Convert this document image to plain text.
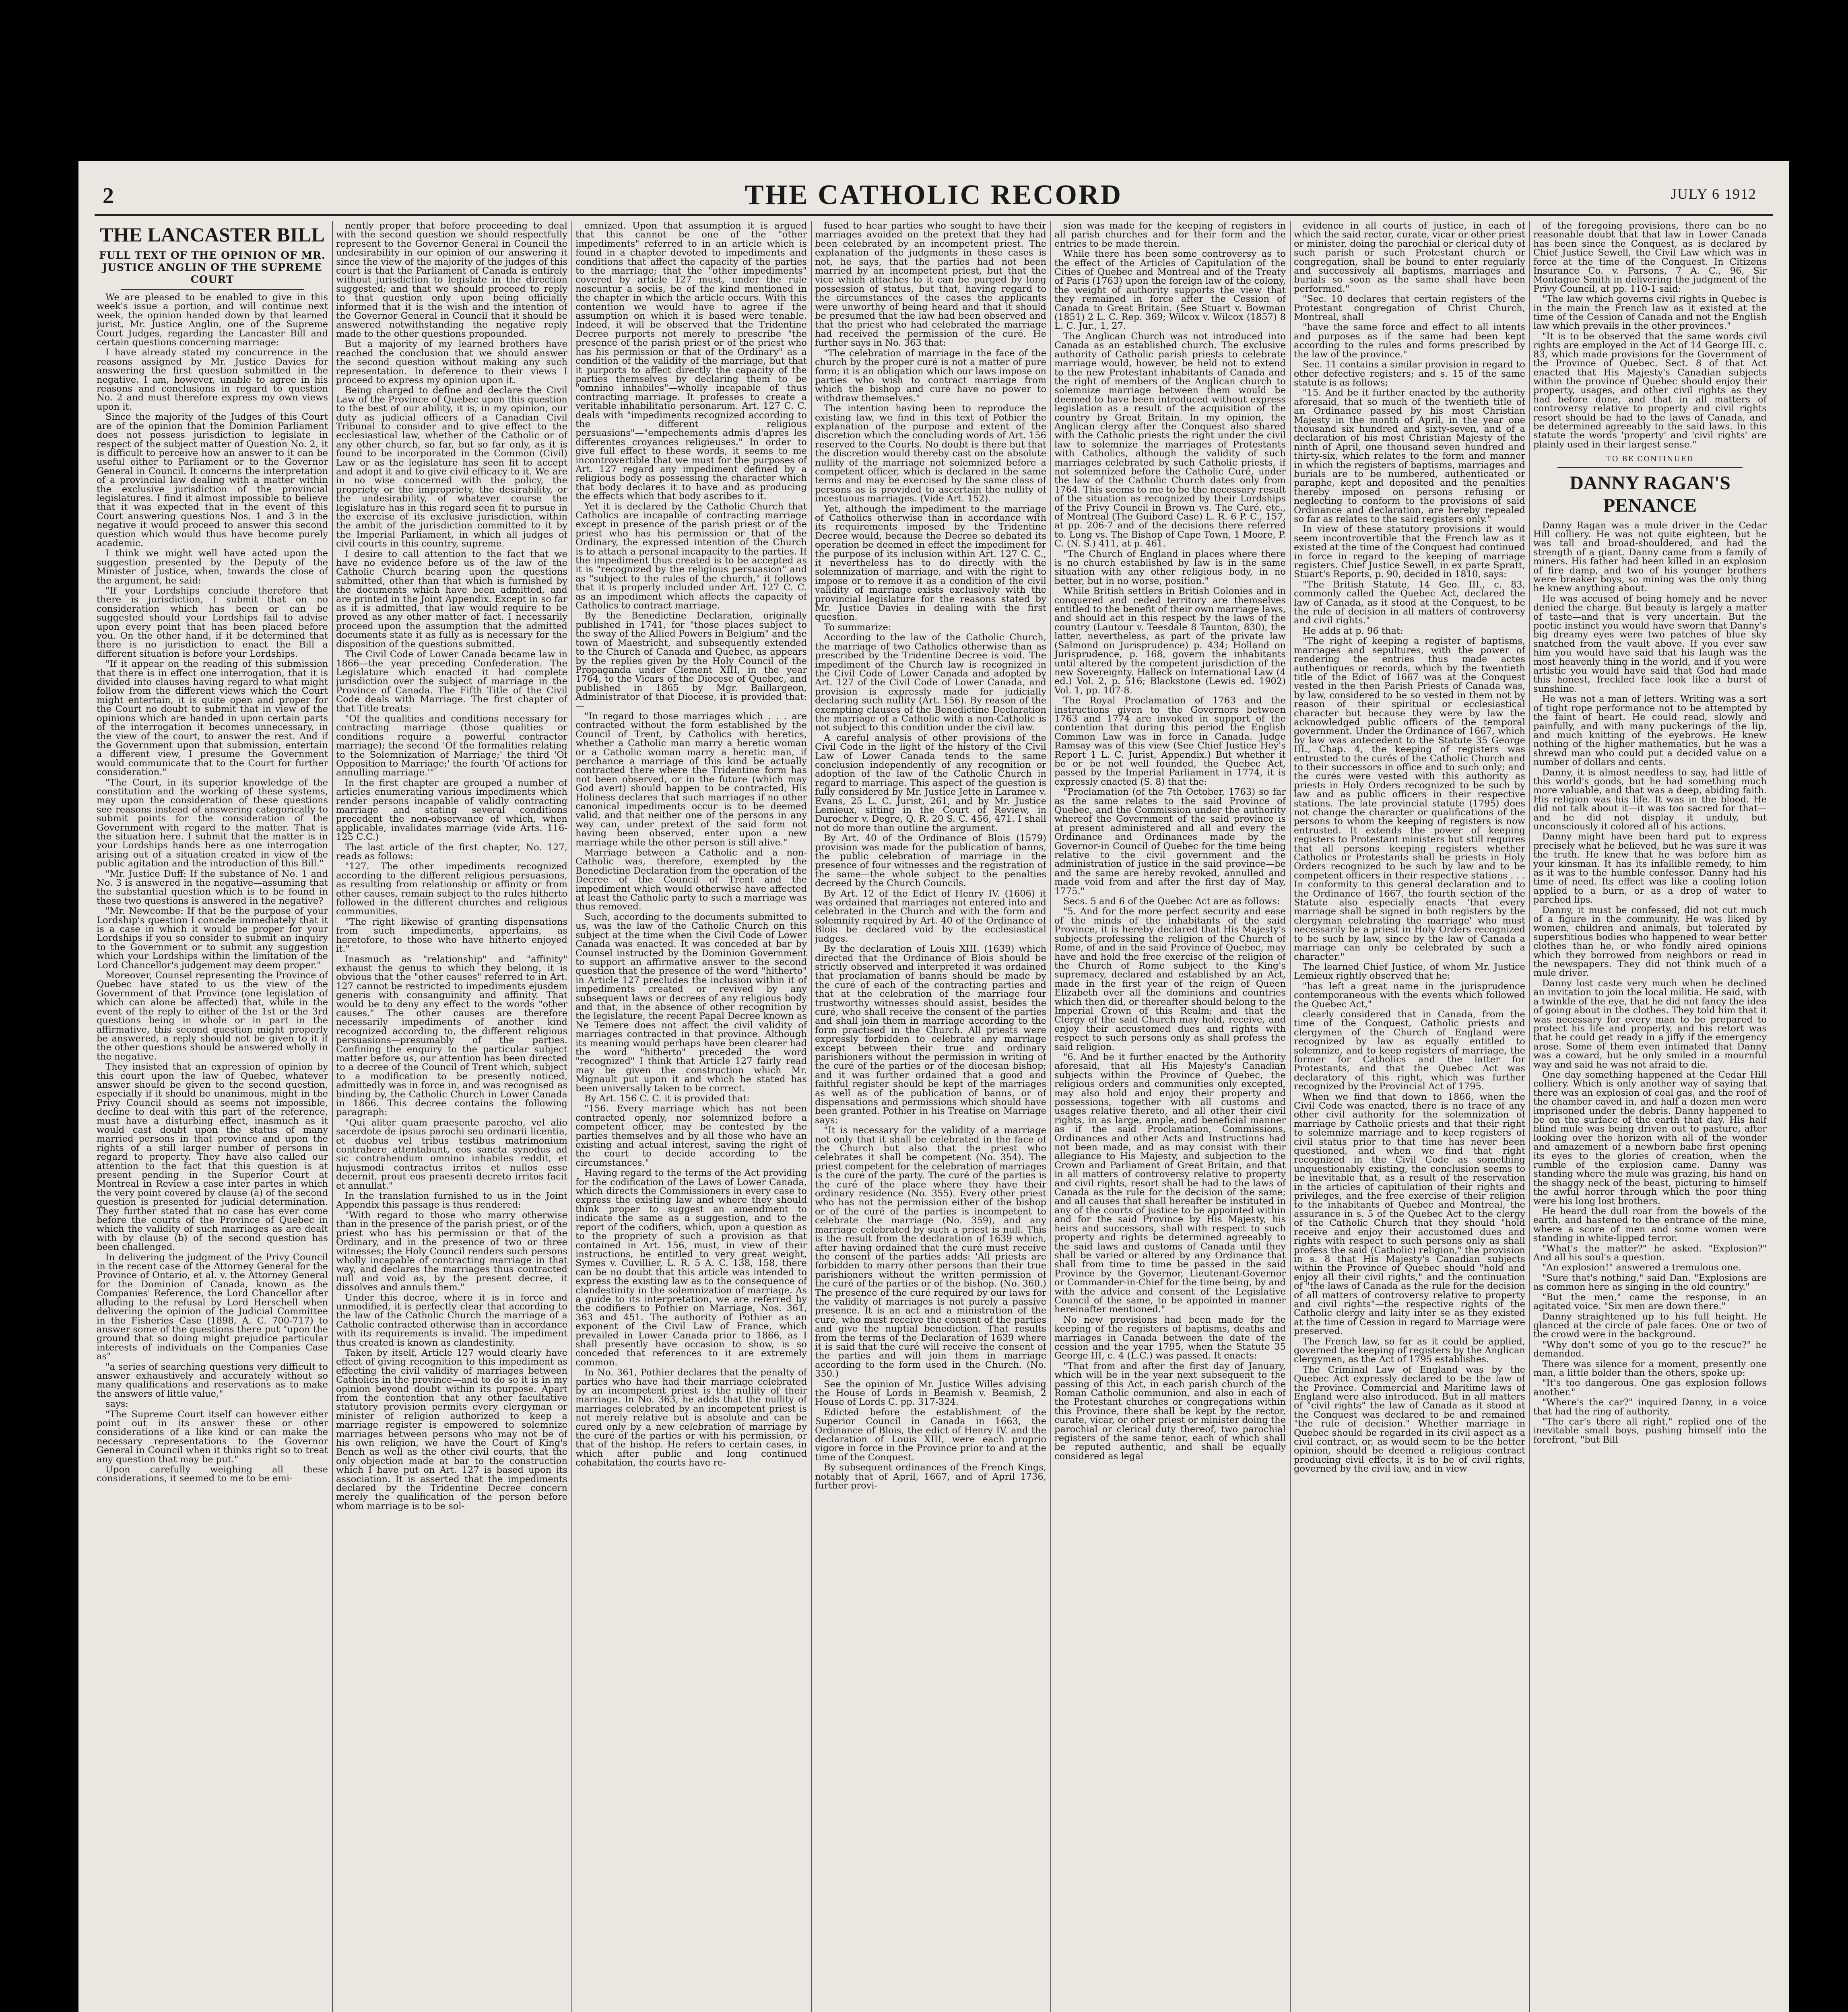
2	THE CATHOLIC RECORD	JULY 6 1912
THE LANCASTER BILL
FULL TEXT OF THE OPINION OF MR. JUSTICE ANGLIN OF THE SUPREME COURT

We are pleased to be enabled to give in this week's issue a portion, and will continue next week, the opinion handed down by that learned jurist, Mr. Justice Anglin, one of the Supreme Court Judges, regarding the Lancaster Bill and certain questions concerning marriage:

I have already stated my concurrence in the reasons assigned by Mr. Justice Davies for answering the first question submitted in the negative. I am, however, unable to agree in his reasons and conclusions in regard to question No. 2 and must therefore express my own views upon it.

Since the majority of the Judges of this Court are of the opinion that the Dominion Parliament does not possess jurisdiction to legislate in respect of the subject matter of Question No. 2, it is difficult to perceive how an answer to it can be useful either to Parliament or to the Governor General in Council. It concerns the interpretation of a provincial law dealing with a matter within the exclusive jurisdiction of the provincial legislatures. I find it almost impossible to believe that it was expected that in the event of this Court answering questions Nos. 1 and 3 in the negative it would proceed to answer this second question which would thus have become purely academic.

I think we might well have acted upon the suggestion presented by the Deputy of the Minister of Justice, when, towards the close of the argument, he said:

"If your Lordships conclude therefore that there is jurisdiction, I submit that on no consideration which has been or can be suggested should your Lordships fail to advise upon every point that has been placed before you. On the other hand, if it be determined that there is no jurisdiction to enact the Bill a different situation is before your Lordships.

"If it appear on the reading of this submission that there is in effect one interrogation, that it is divided into clauses having regard to what might follow from the different views which the Court might entertain, it is quite open and proper for the Court no doubt to submit that in view of the opinions which are handed in upon certain parts of the interrogation it becomes unnecessary, in the view of the court, to answer the rest. And if the Government upon that submission, entertain a different view, I presume the Government would communicate that to the Court for further consideration."

"The Court, in its superior knowledge of the constitution and the working of these systems, may upon the consideration of these questions see reasons instead of answering categorically to submit points for the consideration of the Government with regard to the matter. That is the situation here. I submit that the matter is in your Lordships hands here as one interrogation arising out of a situation created in view of the public agitation and the introduction of this Bill."

"Mr. Justice Duff: If the substance of No. 1 and No. 3 is answered in the negative—assuming that the substantial question which is to be found in these two questions is answered in the negative?

"Mr. Newcombe: If that be the purpose of your Lordship's question I concede immediately that it is a case in which it would be proper for your Lordships if you so consider to submit an inquiry to the Government or to submit any suggestion which your Lordships within the limitation of the Lord Chancellor's judgement may deem proper."

Moreover, Counsel representing the Province of Quebec have stated to us the view of the Government of that Province (one legislation of which can alone be affected) that, while in the event of the reply to either of the 1st or the 3rd questions being in whole or in part in the affirmative, this second question might properly be answered, a reply should not be given to it if the other questions should be answered wholly in the negative.

They insisted that an expression of opinion by this court upon the law of Quebec, whatever answer should be given to the second question, especially if it should be unanimous, might in the Privy Council should as seems not impossible, decline to deal with this part of the reference, must have a disturbing effect, inasmuch as it would cast doubt upon the status of many married persons in that province and upon the rights of a still larger number of persons in regard to property. They have also called our attention to the fact that this question is at present pending in the Superior Court at Montreal in Review a case inter partes in which the very point covered by clause (a) of the second question is presented for judicial determination. They further stated that no case has ever come before the courts of the Province of Quebec in which the validity of such marriages as are dealt with by clause (b) of the second question has been challenged.

In delivering the judgment of the Privy Council in the recent case of the Attorney General for the Province of Ontario, et al. v. the Attorney General for the Dominion of Canada, known as the Companies' Reference, the Lord Chancellor after alluding to the refusal by Lord Herschell when delivering the opinion of the Judicial Committee in the Fisheries Case (1898, A. C. 700-717) to answer some of the questions there put "upon the ground that so doing might prejudice particular interests of individuals on the Companies Case as"

"a series of searching questions very difficult to answer exhaustively and accurately without so many qualifications and reservations as to make the answers of little value,"

says:

"The Supreme Court itself can however either point out in its answer these or other considerations of a like kind or can make the necessary representations to the Governor General in Council when it thinks right so to treat any question that may be put."

Upon carefully weighing all these considerations, it seemed to me to be emi-

nently proper that before proceeding to deal with the second question we should respectfully represent to the Governor General in Council the undesirability in our opinion of our answering it since the view of the majority of the judges of this court is that the Parliament of Canada is entirely without jurisdiction to legislate in the direction suggested; and that we should proceed to reply to that question only upon being officially informed that it is the wish and the intention of the Governor General in Council that it should be answered notwithstanding the negative reply made to the other questions propounded.

But a majority of my learned brothers have reached the conclusion that we should answer the second question without making any such representation. In deference to their views I proceed to express my opinion upon it.

Being charged to define and declare the Civil Law of the Province of Quebec upon this question to the best of our ability, it is, in my opinion, our duty as judicial officers of a Canadian Civil Tribunal to consider and to give effect to the ecclesiastical law, whether of the Catholic or of any other church, so far, but so far only, as it is found to be incorporated in the Common (Civil) Law or as the legislature has seen fit to accept and adopt it and to give civil efficacy to it. We are in no wise concerned with the policy, the propriety or the impropriety, the desirability, or the undesirability, of whatever course the legislature has in this regard seen fit to pursue in the exercise of its exclusive jurisdiction, within the ambit of the jurisdiction committed to it by the Imperial Parliament, in which all judges of civil courts in this country, supreme.

I desire to call attention to the fact that we have no evidence before us of the law of the Catholic Church bearing upon the questions submitted, other than that which is furnished by the documents which have been admitted, and are printed in the Joint Appendix. Except in so far as it is admitted, that law would require to be proved as any other matter of fact. I necessarily proceed upon the assumption that the admitted documents state it as fully as is necessary for the disposition of the questions submitted.

The Civil Code of Lower Canada became law in 1866—the year preceding Confederation. The Legislature which enacted it had complete jurisdiction over the subject of marriage in the Province of Canada. The Fifth Title of the Civil Code deals with Marriage. The first chapter of that Title treats:

"Of the qualities and conditions necessary for contracting marriage (those qualities or conditions require a powerful contractor marriage); the second 'Of the formalities relating to the Solemnization of Marriage;' the third 'Of Opposition to Marriage;' the fourth 'Of actions for annulling marriage.'"

In the first chapter are grouped a number of articles enumerating various impediments which render persons incapable of validly contracting marriage and stating several conditions precedent the non-observance of which, when applicable, invalidates marriage (vide Arts. 116-125 C.C.)

The last article of the first chapter, No. 127, reads as follows:

"127. The other impediments recognized according to the different religious persuasions, as resulting from relationship or affinity or from other causes, remain subject to the rules hitherto followed in the different churches and religious communities.

"The right likewise of granting dispensations from such impediments, appertains, as heretofore, to those who have hitherto enjoyed it."

Inasmuch as "relationship" and "affinity" exhaust the genus to which they belong, it is obvious that the "other causes" referred to in Art. 127 cannot be restricted to impediments ejusdem generis with consanguinity and affinity. That would be to deny any effect to the words "other causes." The other causes are therefore necessarily impediments of another kind recognized according to, the different religious persuasions—presumably of the parties. Confining the enquiry to the particular subject matter before us, our attention has been directed to a decree of the Council of Trent which, subject to a modification to be presently noticed, admittedly was in force in, and was recognised as binding by, the Catholic Church in Lower Canada in 1866. This decree contains the following paragraph:

"Qui aliter quam praesente parocho, vel alio sacerdote de ipsius parochi seu ordinarii licentia, et duobus vel tribus testibus matrimonium contrahere attentabunt, eos sancta synodus ad sic contrahendum omnino inhabiles reddit, et hujusmodi contractus irritos et nullos esse decernit, prout eos praesenti decreto irritos facit et annullat."

In the translation furnished to us in the Joint Appendix this passage is thus rendered:

"With regard to those who marry otherwise than in the presence of the parish priest, or of the priest who has his permission or that of the Ordinary, and in the presence of two or three witnesses; the Holy Council renders such persons wholly incapable of contracting marriage in that way, and declares the marriages thus contracted null and void as, by the present decree, it dissolves and annuls them."

Under this decree, where it is in force and unmodified, it is perfectly clear that according to the law of the Catholic Church the marriage of a Catholic contracted otherwise than in accordance with its requirements is invalid. The impediment thus created is known as clandestinity.

Taken by itself, Article 127 would clearly have effect of giving recognition to this impediment as effecting the civil validity of marriages between Catholics in the province—and to do so it is in my opinion beyond doubt within its purpose. Apart from the contention that any other facultative statutory provision permits every clergyman or minister of religion authorized to keep a marriage register is empowered to solemnize marriages between persons who may not be of his own religion, we have the Court of King's Bench as well as the other civil courts, that the only objection made at bar to the construction which I have put on Art. 127 is based upon its association. It is asserted that the impediments declared by the Tridentine Decree concern merely the qualification of the person before whom marriage is to be sol-

emnized. Upon that assumption it is argued that this cannot be one of the "other impediments" referred to in an article which is found in a chapter devoted to impediments and conditions that affect the capacity of the parties to the marriage; that the "other impediments" covered by article 127 must, under the rule noscuntur a sociis, be of the kind mentioned in the chapter in which the article occurs. With this contention we would have to agree if the assumption on which it is based were tenable. Indeed, it will be observed that the Tridentine Decree purports not merely to prescribe "the presence of the parish priest or of the priest who has his permission or that of the Ordinary" as a condition of the validity of the marriage, but that it purports to affect directly the capacity of the parties themselves by declaring them to be "omnino inhabiles"—wholly incapable of thus contracting marriage. It professes to create a veritable inhabilitatio personarum. Art. 127 C. C. deals with "impediments recognized according to the different religious persuasions"—"empechements admis d'apres les differentes croyances religieuses." In order to give full effect to these words, it seems to me incontrovertible that we must for the purposes of Art. 127 regard any impediment defined by a religious body as possessing the character which that body declares it to have and as producing the effects which that body ascribes to it.

Yet it is declared by the Catholic Church that Catholics are incapable of contracting marriage except in presence of the parish priest or of the priest who has his permission or that of the Ordinary, the expressed intention of the Church is to attach a personal incapacity to the parties. If the impediment thus created is to be accepted as it is "recognized by the religious persuasion" and as "subject to the rules of the church," it follows that it is properly included under Art. 127 C. C. as an impediment which affects the capacity of Catholics to contract marriage.

By the Benedictine Declaration, originally published in 1741, for "those places subject to the sway of the Allied Powers in Belgium" and the town of Maestricht, and subsequently extended to the Church of Canada and Quebec, as appears by the replies given by the Holy Council of the Propaganda under Clement XIII, in the year 1764, to the Vicars of the Diocese of Quebec, and published in 1865 by Mgr. Baillargeon, Administrator of that Diocese, it is provided that:—

"In regard to those marriages which . . . are contracted without the form established by the Council of Trent, by Catholics with heretics, whether a Catholic man marry a heretic woman or a Catholic woman marry a heretic man, if perchance a marriage of this kind be actually contracted there where the Tridentine form has not been observed, or in the future (which may God avert) should happen to be contracted, His Holiness declares that such marriages if no other canonical impediments occur is to be deemed valid, and that neither one of the persons in any way can, under pretext of the said form not having been observed, enter upon a new marriage while the other person is still alive."

Marriage between a Catholic and a non-Catholic was, therefore, exempted by the Benedictine Declaration from the operation of the Decree of the Council of Trent and the impediment which would otherwise have affected at least the Catholic party to such a marriage was thus removed.

Such, according to the documents submitted to us, was the law of the Catholic Church on this subject at the time when the Civil Code of Lower Canada was enacted. It was conceded at bar by Counsel instructed by the Dominion Government to support an affirmative answer to the second question that the presence of the word "hitherto" in Article 127 precludes the inclusion within it of impediments created or revived by any subsequent laws or decrees of any religious body and that, in the absence of other recognition by the legislature, the recent Papal Decree known as Ne Temere does not affect the civil validity of marriages contracted in that province. Although its meaning would perhaps have been clearer had the word "hitherto" preceded the word "recognized" I think that Article 127 fairly read may be given the construction which Mr. Mignault put upon it and which he stated has been universally taken to be correct.

By Art. 156 C. C. it is provided that:

"156. Every marriage which has not been contracted openly, nor solemnized before a competent officer, may be contested by the parties themselves and by all those who have an existing and actual interest, saving the right of the court to decide according to the circumstances."

Having regard to the terms of the Act providing for the codification of the Laws of Lower Canada, which directs the Commissioners in every case to express the existing law and where they should think proper to suggest an amendment to indicate the same as a suggestion, and to the report of the codifiers, which, upon a question as to the propriety of such a provision as that contained in Art. 156, must, in view of their instructions, be entitled to very great weight, Symes v. Cuvillier, L. R. 5 A. C. 138, 158, there can be no doubt that this article was intended to express the existing law as to the consequence of clandestinity in the solemnization of marriage. As a guide to its interpretation, we are referred by the codifiers to Pothier on Marriage, Nos. 361, 363 and 451. The authority of Pothier as an exponent of the Civil Law of France, which prevailed in Lower Canada prior to 1866, as I shall presently have occasion to show, is so conceded that references to it are extremely common.

In No. 361, Pothier declares that the penalty of parties who have had their marriage celebrated by an incompetent priest is the nullity of their marriage. In No. 363, he adds that the nullity of marriages celebrated by an incompetent priest is not merely relative but is absolute and can be cured only by a new celebration of marriage by the curé of the parties or with his permission, or that of the bishop. He refers to certain cases, in which after public and long continued cohabitation, the courts have re-

fused to hear parties who sought to have their marriages avoided on the pretext that they had been celebrated by an incompetent priest. The explanation of the judgments in these cases is not, he says, that the parties had not been married by an incompetent priest, but that the vice which attaches to it can be purged by long possession of status, but that, having regard to the circumstances of the cases the applicants were unworthy of being heard and that it should be presumed that the law had been observed and that the priest who had celebrated the marriage had received the permission of the curé. He further says in No. 363 that:

"The celebration of marriage in the face of the church by the proper curé is not a matter of pure form; it is an obligation which our laws impose on parties who wish to contract marriage from which the bishop and curé have no power to withdraw themselves."

The intention having been to reproduce the existing law, we find in this text of Pothier the explanation of the purpose and extent of the discretion which the concluding words of Art. 156 reserved to the Courts. No doubt is there but that the discretion would thereby cast on the absolute nullity of the marriage not solemnized before a competent officer, which is declared in the same terms and may be exercised by the same class of persons as is provided to ascertain the nullity of incestuous marriages. (Vide Art. 152).

Yet, although the impediment to the marriage of Catholics otherwise than in accordance with its requirements imposed by the Tridentine Decree would, because the Decree so debated its operation be deemed in effect the impediment for the purpose of its inclusion within Art. 127 C. C., it nevertheless has to do directly with the solemnization of marriage, and with the right to impose or to remove it as a condition of the civil validity of marriage exists exclusively with the provincial legislature for the reasons stated by Mr. Justice Davies in dealing with the first question.

To summarize:

According to the law of the Catholic Church, the marriage of two Catholics otherwise than as prescribed by the Tridentine Decree is void. The impediment of the Church law is recognized in the Civil Code of Lower Canada and adopted by Art. 127 of the Civil Code of Lower Canada, and provision is expressly made for judicially declaring such nullity (Art. 156). By reason of the exempting clauses of the Benedictine Declaration the marriage of a Catholic with a non-Catholic is not subject to this condition under the civil law.

A careful analysis of other provisions of the Civil Code in the light of the history of the Civil Law of Lower Canada tends to the same conclusion independently of any recognition or adoption of the law of the Catholic Church in regard to marriage. This aspect of the question is fully considered by Mr. Justice Jette in Laramee v. Evans, 25 L. C. Jurist, 261, and by Mr. Justice Lemieux, sitting in the Court of Review, in Durocher v. Degre, Q. R. 20 S. C. 456, 471. I shall not do more than outline the argument.

By Art. 40 of the Ordinance of Blois (1579) provision was made for the publication of banns, the public celebration of marriage in the presence of four witnesses and the registration of the same—the whole subject to the penalties decreed by the Church Councils.

By Art. 12 of the Edict of Henry IV. (1606) it was ordained that marriages not entered into and celebrated in the Church and with the form and solemnity required by Art. 40 of the Ordinance of Blois be declared void by the ecclesiastical judges.

By the declaration of Louis XIII. (1639) which directed that the Ordinance of Blois should be strictly observed and interpreted it was ordained that proclamation of banns should be made by the curé of each of the contracting parties and that at the celebration of the marriage four trustworthy witnesses should assist, besides the curé, who shall receive the consent of the parties and shall join them in marriage according to the form practised in the Church. All priests were expressly forbidden to celebrate any marriage except between their true and ordinary parishioners without the permission in writing of the curé of the parties or of the diocesan bishop; and it was further ordained that a good and faithful register should be kept of the marriages as well as of the publication of banns, or of dispensations and permissions which should have been granted. Pothier in his Treatise on Marriage says:

"It is necessary for the validity of a marriage not only that it shall be celebrated in the face of the Church but also that the priest who celebrates it shall be competent (No. 354). The priest competent for the celebration of marriages is the curé of the party. The curé of the parties is the curé of the place where they have their ordinary residence (No. 355). Every other priest who has not the permission either of the bishop or of the curé of the parties is incompetent to celebrate the marriage (No. 359), and any marriage celebrated by such a priest is null. This is the result from the declaration of 1639 which, after having ordained that the curé must receive the consent of the parties adds: 'All priests are forbidden to marry other persons than their true parishioners without the written permission of the curé of the parties or of the bishop. (No. 360.) The presence of the curé required by our laws for the validity of marriages is not purely a passive presence. It is an act and a ministration of the curé, who must receive the consent of the parties and give the nuptial benediction. That results from the terms of the Declaration of 1639 where it is said that the curé will receive the consent of the parties and will join them in marriage according to the form used in the Church. (No. 350.)

See the opinion of Mr. Justice Willes advising the House of Lords in Beamish v. Beamish, 2 House of Lords C. pp. 317-324.

Edicted before the establishment of the Superior Council in Canada in 1663, the Ordinance of Blois, the edict of Henry IV. and the declaration of Louis XIII, were each proprio vigore in force in the Province prior to and at the time of the Conquest.

By subsequent ordinances of the French Kings, notably that of April, 1667, and of April 1736, further provi-

sion was made for the keeping of registers in all parish churches and for their form and the entries to be made therein.

While there has been some controversy as to the effect of the Articles of Capitulation of the Cities of Quebec and Montreal and of the Treaty of Paris (1763) upon the foreign law of the colony, the weight of authority supports the view that they remained in force after the Cession of Canada to Great Britain. (See Stuart v. Bowman (1851) 2 L. C. Rep. 369; Wilcox v. Wilcox (1857) 8 L. C. Jur., 1, 27.

The Anglican Church was not introduced into Canada as an established church. The exclusive authority of Catholic parish priests to celebrate marriage would, however, be held not to extend to the new Protestant inhabitants of Canada and the right of members of the Anglican church to solemnize marriage between them would be deemed to have been introduced without express legislation as a result of the acquisition of the country by Great Britain. In my opinion, the Anglican clergy after the Conquest also shared with the Catholic priests the right under the civil law to solemnize the marriages of Protestants with Catholics, although the validity of such marriages celebrated by such Catholic priests, if not solemnized before the Catholic Curé, under the law of the Catholic Church dates only from 1764. This seems to me to be the necessary result of the situation as recognized by their Lordships of the Privy Council in Brown vs. The Curé, etc., of Montreal (The Guibord Case) L. R. 6 P. C., 157, at pp. 206-7 and of the decisions there referred to. Long vs. The Bishop of Cape Town, 1 Moore, P. C. (N. S.) 411, at p. 461.

"The Church of England in places where there is no church established by law is in the same situation with any other religious body, in no better, but in no worse, position."

While British settlers in British Colonies and in conquered and ceded territory are themselves entitled to the benefit of their own marriage laws, and should act in this respect by the laws of the country (Lautour v. Teesdale 8 Taunton, 830), the latter, nevertheless, as part of the private law (Salmond on Jurisprudence) p. 434; Holland on Jurisprudence, p. 168, govern the inhabitants until altered by the competent jurisdiction of the new Sovereignty. Halleck on International Law (4 ed.) Vol. 2, p. 516; Blackstone (Lewis ed. 1902) Vol. 1, pp. 107-8.

The Royal Proclamation of 1763 and the instructions given to the Governors between 1763 and 1774 are invoked in support of the contention that during this period the English Common Law was in force in Canada. Judge Ramsay was of this view (See Chief Justice Hey's Report 1 L. C. Jurist, Appendix.) But whether it be or be not well founded, the Quebec Act, passed by the Imperial Parliament in 1774, it is expressly enacted (S. 8) that the:

"Proclamation (of the 7th October, 1763) so far as the same relates to the said Province of Quebec, and the Commission under the authority whereof the Government of the said province is at present administered and all and every the Ordinance and Ordinances made by the Governor-in Council of Quebec for the time being relative to the civil government and the administration of justice in the said province—be and the same are hereby revoked, annulled and made void from and after the first day of May, 1775."

Secs. 5 and 6 of the Quebec Act are as follows:

"5. And for the more perfect security and ease of the minds of the inhabitants of the said Province, it is hereby declared that His Majesty's subjects professing the religion of the Church of Rome, of and in the said Province of Quebec, may have and hold the free exercise of the religion of the Church of Rome subject to the King's supremacy, declared and established by an Act, made in the first year of the reign of Queen Elizabeth over all the dominions and countries which then did, or thereafter should belong to the Imperial Crown of this Realm; and that the Clergy of the said Church may hold, receive, and enjoy their accustomed dues and rights with respect to such persons only as shall profess the said religion.

"6. And be it further enacted by the Authority aforesaid, that all His Majesty's Canadian subjects within the Province of Quebec, the religious orders and communities only excepted, may also hold and enjoy their property and possessions, together with all customs and usages relative thereto, and all other their civil rights, in as large, ample, and beneficial manner as if the said Proclamation, Commissions, Ordinances and other Acts and Instructions had not been made, and as may consist with their allegiance to His Majesty, and subjection to the Crown and Parliament of Great Britain, and that in all matters of controversy relative to property and civil rights, resort shall be had to the laws of Canada as the rule for the decision of the same; and all causes that shall hereafter be instituted in any of the courts of justice to be appointed within and for the said Province by His Majesty, his heirs and successors, shall with respect to such property and rights be determined agreeably to the said laws and customs of Canada until they shall be varied or altered by any Ordinance that shall from time to time be passed in the said Province by the Governor, Lieutenant-Governor or Commander-in-Chief for the time being, by and with the advice and consent of the Legislative Council of the same, to be appointed in manner hereinafter mentioned."

No new provisions had been made for the keeping of the registers of baptisms, deaths and marriages in Canada between the date of the cession and the year 1795, when the Statute 35 George III, c. 4 (L.C.) was passed. It enacts:

"That from and after the first day of January, which will be in the year next subsequent to the passing of this Act, in each parish church of the Roman Catholic communion, and also in each of the Protestant churches or congregations within this Province, there shall be kept by the rector, curate, vicar, or other priest or minister doing the parochial or clerical duty thereof, two parochial registers of the same tenor, each of which shall be reputed authentic, and shall be equally considered as legal

evidence in all courts of justice, in each of which the said rector, curate, vicar or other priest or minister, doing the parochial or clerical duty of such parish or such Protestant church or congregation, shall be bound to enter regularly and successively all baptisms, marriages and burials so soon as the same shall have been performed."

"Sec. 10 declares that certain registers of the Protestant congregation of Christ Church, Montreal, shall

"have the same force and effect to all intents and purposes as if the same had been kept according to the rules and forms prescribed by the law of the province."

Sec. 11 contains a similar provision in regard to other defective registers; and s. 15 of the same statute is as follows;

"15. And be it further enacted by the authority aforesaid, that so much of the twentieth title of an Ordinance passed by his most Christian Majesty in the month of April, in the year one thousand six hundred and sixty-seven, and of a declaration of his most Christian Majesty of the ninth of April, one thousand seven hundred and thirty-six, which relates to the form and manner in which the registers of baptisms, marriages and burials are to be numbered, authenticated or paraphe, kept and deposited and the penalties thereby imposed on persons refusing or neglecting to conform to the provisions of said Ordinance and declaration, are hereby repealed so far as relates to the said registers only."

In view of these statutory provisions it would seem incontrovertible that the French law as it existed at the time of the Conquest had continued in force in regard to the keeping of marriage registers. Chief Justice Sewell, in ex parte Spratt, Stuart's Reports, p. 90, decided in 1810, says:

"The British Statute, 14 Geo. III., c. 83, commonly called the Quebec Act, declared the law of Canada, as it stood at the Conquest, to be the rule of decision in all matters of controversy and civil rights."

He adds at p. 96 that:

"The right of keeping a register of baptisms, marriages and sepultures, with the power of rendering the entries thus made actes authentiques or records, which by the twentieth title of the Edict of 1667 was at the Conquest vested in the then Parish Priests of Canada was, by law, considered to be so vested in them not by reason of their spiritual or ecclesiastical character but because they were by law the acknowledged public officers of the temporal government. Under the Ordinance of 1667, which by law was antecedent to the Statute 35 George III., Chap. 4, the keeping of registers was entrusted to the curés of the Catholic Church and to their successors in office and to such only; and the curés were vested with this authority as priests in Holy Orders recognized to be such by law and as public officers in their respective stations. The late provincial statute (1795) does not change the character or qualifications of the persons to whom the keeping of registers is now entrusted. It extends the power of keeping registers to Protestant ministers but still requires that all persons keeping registers whether Catholics or Protestants shall be priests in Holy Orders recognized to be such by law and to be competent officers in their respective stations . . . In conformity to this general declaration and to the Ordinance of 1667, the fourth section of the Statute also especially enacts 'that every marriage shall be signed in both registers by the clergyman celebrating the marriage' who must necessarily be a priest in Holy Orders recognized to be such by law, since by the law of Canada a marriage can only be celebrated by such a character."

The learned Chief Justice, of whom Mr. Justice Lemieux rightly observed that he:

"has left a great name in the jurisprudence contemporaneous with the events which followed the Quebec Act,"

clearly considered that in Canada, from the time of the Conquest, Catholic priests and clergymen of the Church of England were recognized by law as equally entitled to solemnize, and to keep registers of marriage, the former for Catholics and the latter for Protestants, and that the Quebec Act was declaratory of this right, which was further recognized by the Provincial Act of 1795.

When we find that down to 1866, when the Civil Code was enacted, there is no trace of any other civil authority for the solemnization of marriage by Catholic priests and that their right to solemnize marriage and to keep registers of civil status prior to that time has never been questioned, and when we find that right recognized in the Civil Code as something unquestionably existing, the conclusion seems to be inevitable that, as a result of the reservation in the articles of capitulation of their rights and privileges, and the free exercise of their religion to the inhabitants of Quebec and Montreal, the assurance in s. 5 of the Quebec Act to the clergy of the Catholic Church that they should "hold receive and enjoy their accustomed dues and rights with respect to such persons only as shall profess the said (Catholic) religion," the provision in s. 8 that His Majesty's Canadian subjects within the Province of Quebec should "hold and enjoy all their civil rights," and the continuation of "the laws of Canada as the rule for the decision of all matters of controversy relative to property and civil rights"—the respective rights of the Catholic clergy and laity inter se as they existed at the time of Cession in regard to Marriage were preserved.

The French law, so far as it could be applied, governed the keeping of registers by the Anglican clergymen, as the Act of 1795 establishes.

The Criminal Law of England was by the Quebec Act expressly declared to be the law of the Province. Commercial and Maritime laws of England were also introduced. But in all matters of "civil rights" the law of Canada as it stood at the Conquest was declared to be and remained "the rule of decision." Whether marriage in Quebec should be regarded in its civil aspect as a civil contract, or, as would seem to be the better opinion, should be deemed a religious contract producing civil effects, it is to be of civil rights, governed by the civil law, and in view

of the foregoing provisions, there can be no reasonable doubt that that law in Lower Canada has been since the Conquest, as is declared by Chief Justice Sewell, the Civil Law which was in force at the time of the Conquest. In Citizens Insurance Co. v. Parsons, 7 A. C., 96, Sir Montague Smith in delivering the judgment of the Privy Council, at pp. 110-1 said:

"The law which governs civil rights in Quebec is in the main the French law as it existed at the time of the Cession of Canada and not the English law which prevails in the other provinces."

"It is to be observed that the same words civil rights are employed in the Act of 14 George III. c. 83, which made provisions for the Government of the Province of Quebec. Sect. 8 of that Act enacted that His Majesty's Canadian subjects within the province of Quebec should enjoy their property, usages, and other civil rights as they had before done, and that in all matters of controversy relative to property and civil rights resort should be had to the laws of Canada, and be determined agreeably to the said laws. In this statute the words 'property' and 'civil rights' are plainly used in their largest sense."

TO BE CONTINUED
DANNY RAGAN'S PENANCE

Danny Ragan was a mule driver in the Cedar Hill colliery. He was not quite eighteen, but he was tall and broad-shouldered, and had the strength of a giant. Danny came from a family of miners. His father had been killed in an explosion of fire damp, and two of his younger brothers were breaker boys, so mining was the only thing he knew anything about.

He was accused of being homely and he never denied the charge. But beauty is largely a matter of taste—and that is very uncertain. But the poetic instinct you would have sworn that Danny's big dreamy eyes were two patches of blue sky snatched from the vault above. If you ever saw him you would have said that his laugh was the most heavenly thing in the world, and if you were artistic you would have said that God had made this honest, freckled face look like a burst of sunshine.

He was not a man of letters. Writing was a sort of tight rope performance not to be attempted by the faint of heart. He could read, slowly and painfully, and with many puckerings of the lip, and much knitting of the eyebrows. He knew nothing of the higher mathematics, but he was a shrewd man who could put a decided value on a number of dollars and cents.

Danny, it is almost needless to say, had little of this world's goods, but he had something much more valuable, and that was a deep, abiding faith. His religion was his life. It was in the blood. He did not talk about it—it was too sacred for that—and he did not display it unduly, but unconsciously it colored all of his actions.

Danny might have been hard put to express precisely what he believed, but he was sure it was the truth. He knew that he was before him as your kinsman. It has its infallible remedy, to him as it was to the humble confessor. Danny had his time of need. Its effect was like a cooling lotion applied to a burn, or as a drop of water to parched lips.

Danny, it must be confessed, did not cut much of a figure in the community. He was liked by women, children and animals, but tolerated by superstitious bodies who happened to wear better clothes than he, or who fondly aired opinions which they borrowed from neighbors or read in the newspapers. They did not think much of a mule driver.

Danny lost caste very much when he declined an invitation to join the local militia. He said, with a twinkle of the eye, that he did not fancy the idea of going about in the clothes. They told him that it was necessary for every man to be prepared to protect his life and property, and his retort was that he could get ready in a jiffy if the emergency arose. Some of them even intimated that Danny was a coward, but he only smiled in a mournful way and said he was not afraid to die.

One day something happened at the Cedar Hill colliery. Which is only another way of saying that there was an explosion of coal gas, and the roof of the chamber caved in, and half a dozen men were imprisoned under the debris. Danny happened to be on the surface of the earth that day. His half blind mule was being driven out to pasture, after looking over the horizon with all of the wonder and amazement of a newborn babe first opening its eyes to the glories of creation, when the rumble of the explosion came. Danny was standing where the mule was grazing, his hand on the shaggy neck of the beast, picturing to himself the awful horror through which the poor thing were his long lost brothers.

He heard the dull roar from the bowels of the earth, and hastened to the entrance of the mine, where a score of men and some women were standing in white-lipped terror.

"What's the matter?" he asked. "Explosion?" And all his soul's a question.

"An explosion!" answered a tremulous one.

"Sure that's nothing," said Dan. "Explosions are as common here as singing in the old country."

"But the men," came the response, in an agitated voice. "Six men are down there."

Danny straightened up to his full height. He glanced at the circle of pale faces. One or two of the crowd were in the background.

"Why don't some of you go to the rescue?" he demanded.

There was silence for a moment, presently one man, a little bolder than the others, spoke up:

"It's too dangerous. One gas explosion follows another."

"Where's the car?" inquired Danny, in a voice that had the ring of authority.

"The car's there all right," replied one of the inevitable small boys, pushing himself into the forefront, "but Bill
